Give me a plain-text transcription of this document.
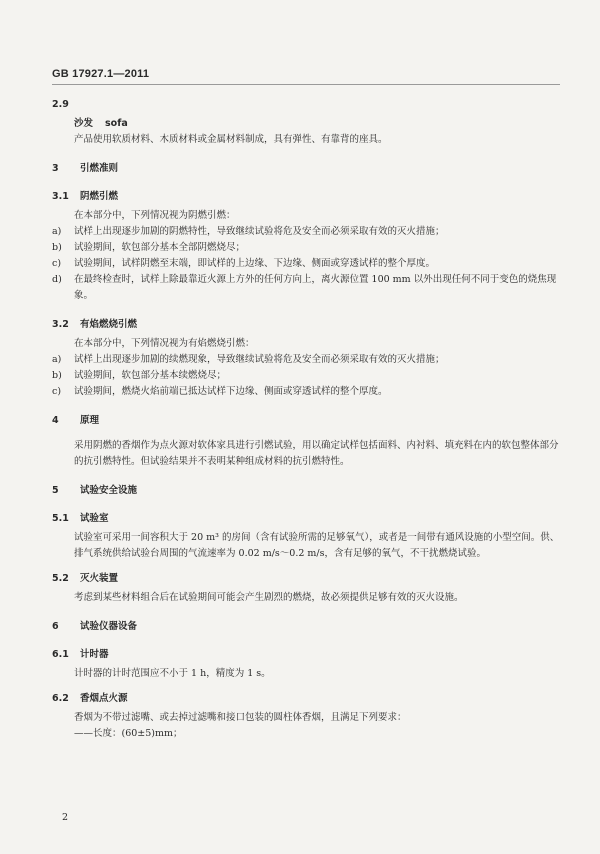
GB 17927.1—2011
2.9
沙发 sofa
产品使用软质材料、木质材料或金属材料制成，具有弹性、有靠背的座具。
3 引燃准则
3.1 阴燃引燃
在本部分中，下列情况视为阴燃引燃：
a)	试样上出现逐步加剧的阴燃特性，导致继续试验将危及安全而必须采取有效的灭火措施；
b)	试验期间，软包部分基本全部阴燃烧尽；
c)	试验期间，试样阴燃至末端，即试样的上边缘、下边缘、侧面或穿透试样的整个厚度。
d)	在最终检查时，试样上除最靠近火源上方外的任何方向上，离火源位置 100 mm 以外出现任何不同于变色的烧焦现象。
3.2 有焰燃烧引燃
在本部分中，下列情况视为有焰燃烧引燃：
a)	试样上出现逐步加剧的续燃现象，导致继续试验将危及安全而必须采取有效的灭火措施；
b)	试验期间，软包部分基本续燃烧尽；
c)	试验期间，燃烧火焰前端已抵达试样下边缘、侧面或穿透试样的整个厚度。
4 原理
采用阴燃的香烟作为点火源对软体家具进行引燃试验，用以确定试样包括面料、内衬料、填充料在内的软包整体部分的抗引燃特性。但试验结果并不表明某种组成材料的抗引燃特性。
5 试验安全设施
5.1 试验室
试验室可采用一间容积大于 20 m³ 的房间（含有试验所需的足够氧气），或者是一间带有通风设施的小型空间。供、排气系统供给试验台周围的气流速率为 0.02 m/s～0.2 m/s，含有足够的氧气，不干扰燃烧试验。
5.2 灭火装置
考虑到某些材料组合后在试验期间可能会产生剧烈的燃烧，故必须提供足够有效的灭火设施。
6 试验仪器设备
6.1 计时器
计时器的计时范围应不小于 1 h，精度为 1 s。
6.2 香烟点火源
香烟为不带过滤嘴、或去掉过滤嘴和接口包装的圆柱体香烟，且满足下列要求：
——长度：(60±5)mm；
2
